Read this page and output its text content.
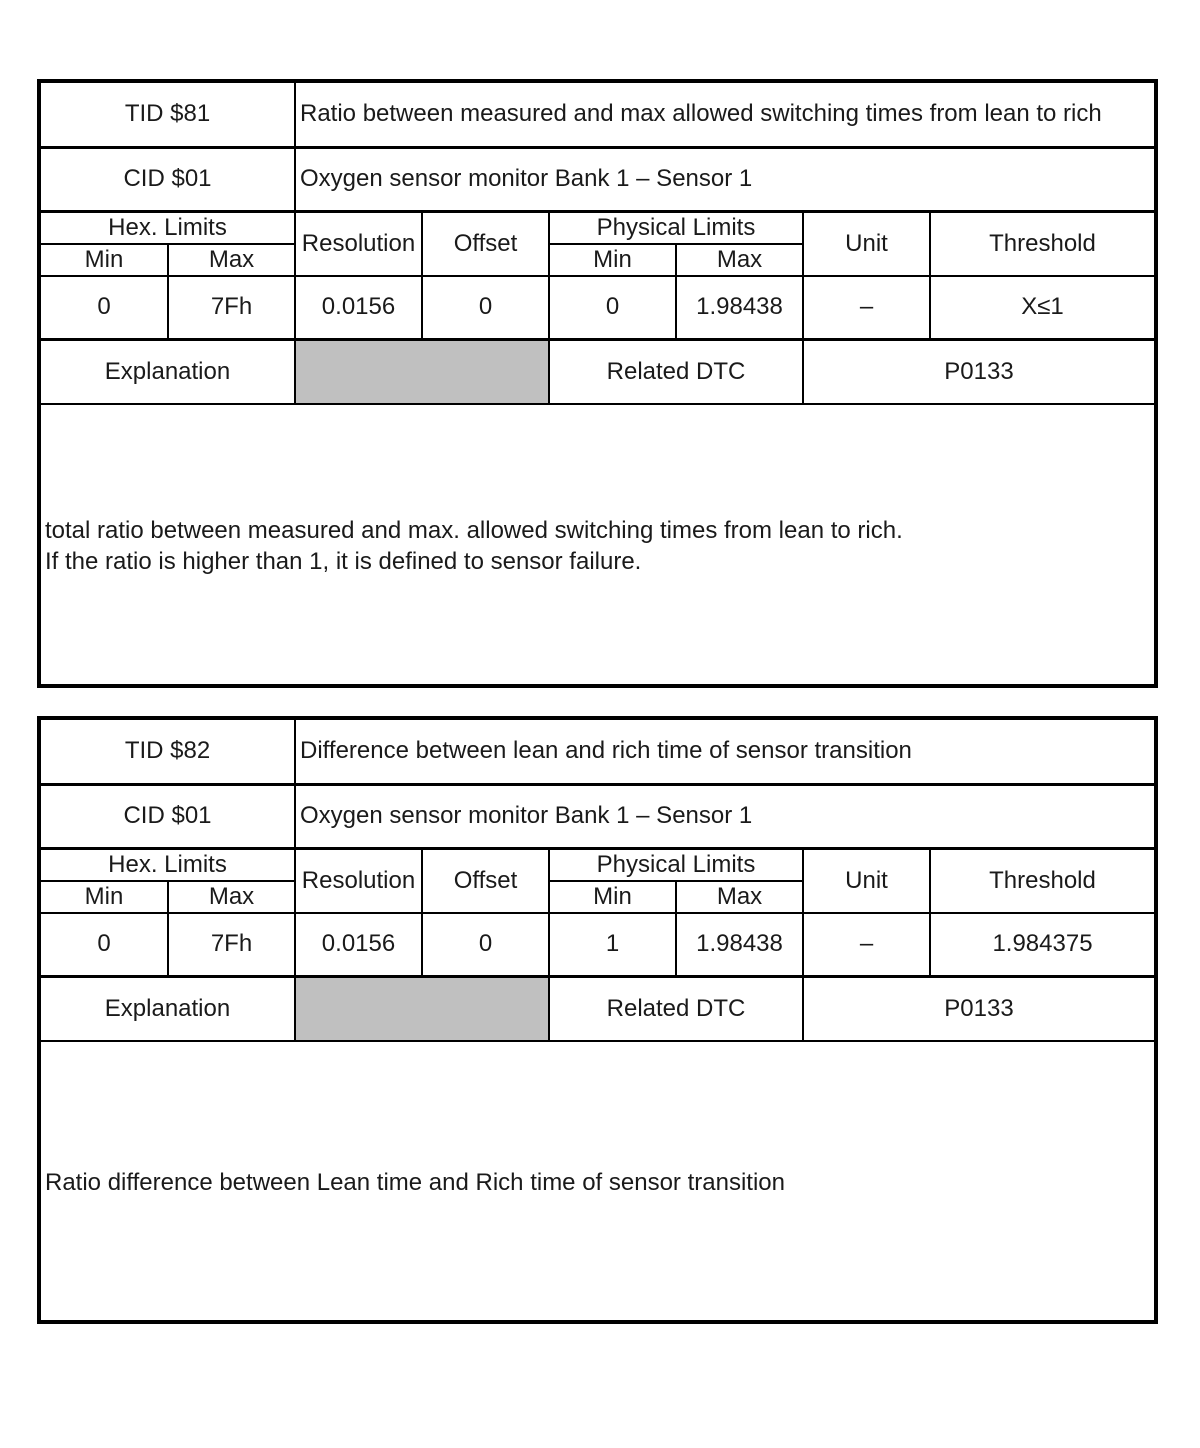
TID $81		Ratio between measured and max allowed switching times from lean to rich					
CID $01		Oxygen sensor monitor Bank 1 – Sensor 1					
Hex. Limits		Resolution	Offset	Physical Limits		Unit	Threshold
Min	Max			Min	Max		
0	7Fh	0.0156	0	0	1.98438	–	X≤1
Explanation				Related DTC		P0133	
total ratio between measured and max. allowed switching times from lean to rich.
If the ratio is higher than 1, it is defined to sensor failure.
TID $82		Difference between lean and rich time of sensor transition					
CID $01		Oxygen sensor monitor Bank 1 – Sensor 1					
Hex. Limits		Resolution	Offset	Physical Limits		Unit	Threshold
Min	Max			Min	Max		
0	7Fh	0.0156	0	1	1.98438	–	1.984375
Explanation				Related DTC		P0133	
Ratio difference between Lean time and Rich time of sensor transition
